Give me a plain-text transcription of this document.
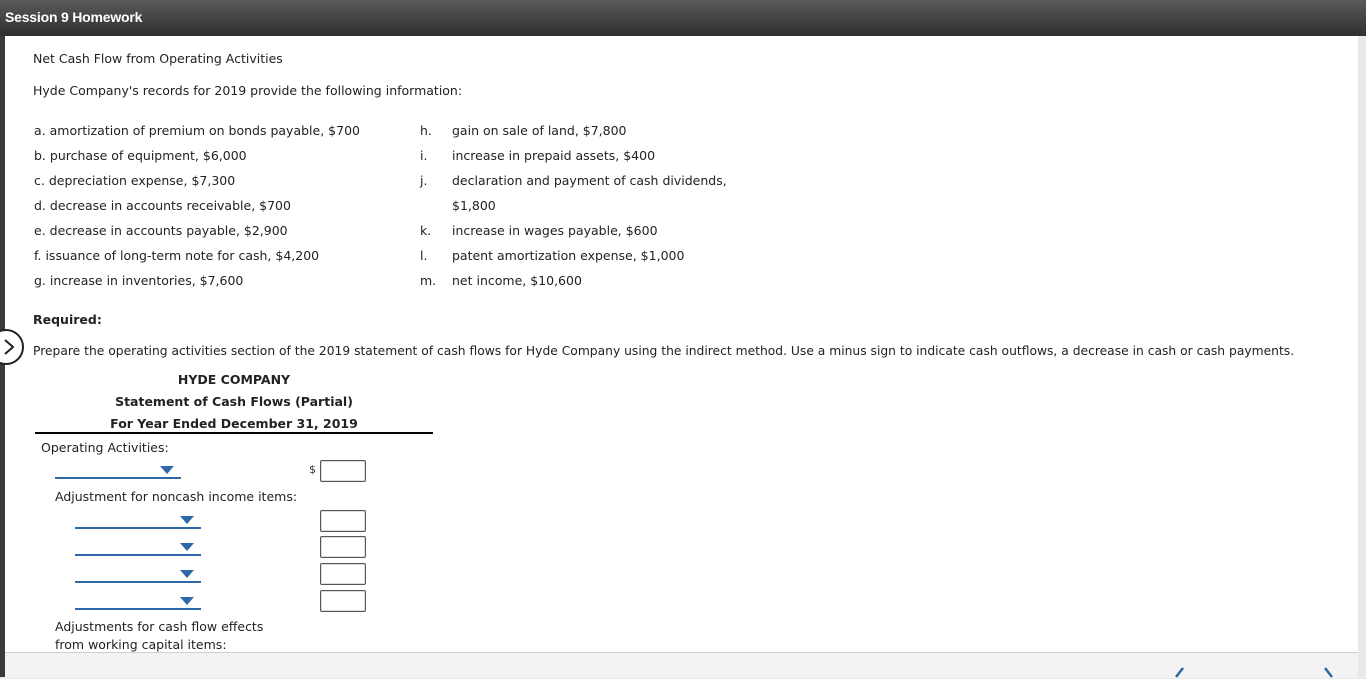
Session 9 Homework
Net Cash Flow from Operating Activities
Hyde Company's records for 2019 provide the following information:
a. amortization of premium on bonds payable, $700
b. purchase of equipment, $6,000
c. depreciation expense, $7,300
d. decrease in accounts receivable, $700
e. decrease in accounts payable, $2,900
f. issuance of long-term note for cash, $4,200
g. increase in inventories, $7,600
h. gain on sale of land, $7,800
i. increase in prepaid assets, $400
j. declaration and payment of cash dividends,
$1,800
k. increase in wages payable, $600
l. patent amortization expense, $1,000
m. net income, $10,600
Required:
Prepare the operating activities section of the 2019 statement of cash flows for Hyde Company using the indirect method. Use a minus sign to indicate cash outflows, a decrease in cash or cash payments.
HYDE COMPANY
Statement of Cash Flows (Partial)
For Year Ended December 31, 2019
Operating Activities:
$
Adjustment for noncash income items:
Adjustments for cash flow effects
from working capital items:
